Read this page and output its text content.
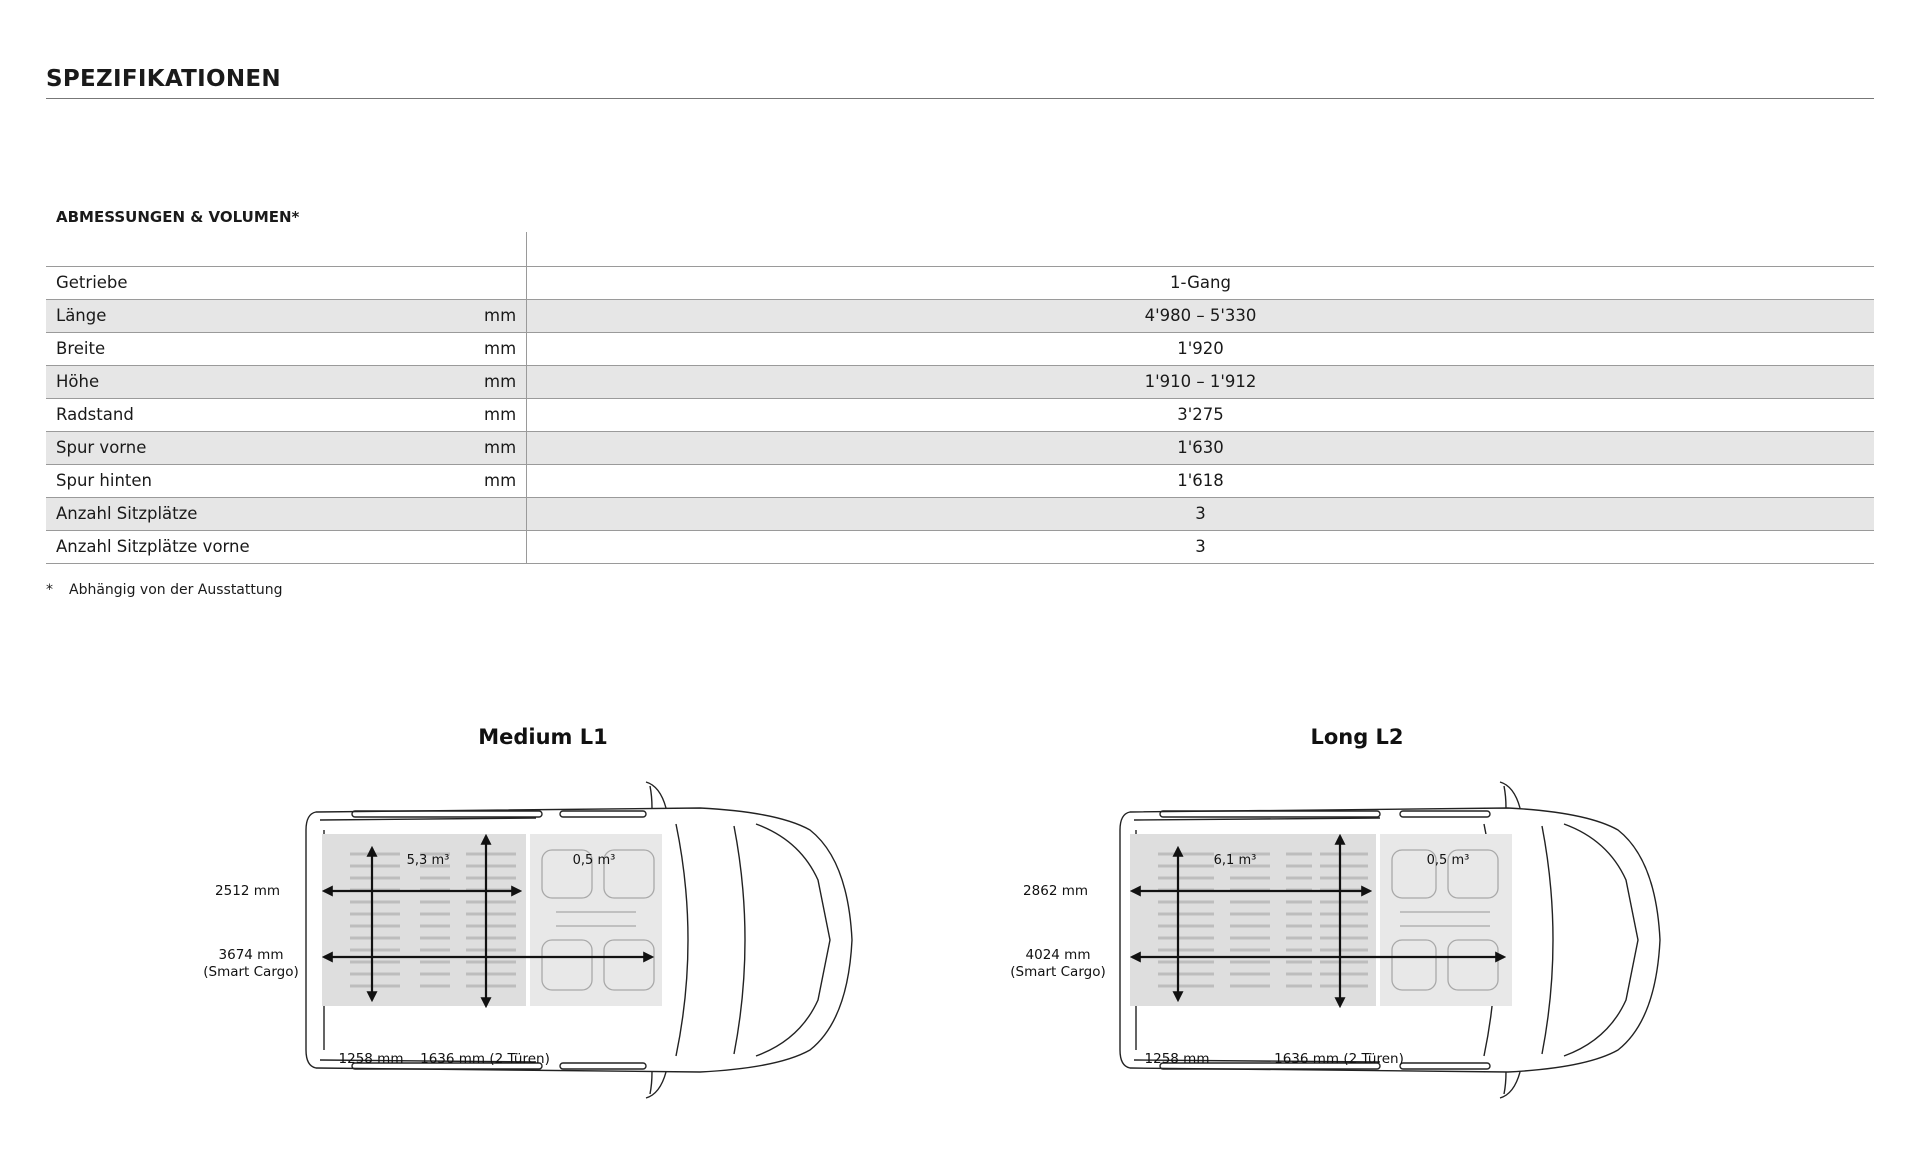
SPEZIFIKATIONEN
ABMESSUNGEN & VOLUMEN*
Getriebe	1-Gang
Länge	mm	4'980 – 5'330
Breite	mm	1'920
Höhe	mm	1'910 – 1'912
Radstand	mm	3'275
Spur vorne	mm	1'630
Spur hinten	mm	1'618
Anzahl Sitzplätze	3
Anzahl Sitzplätze vorne	3
* Abhängig von der Ausstattung
Medium L1
5,3 m³	0,5 m³
2512 mm
3674 mm
(Smart Cargo)
1258 mm 1636 mm (2 Türen)
Long L2
6,1 m³	0,5 m³
2862 mm
4024 mm
(Smart Cargo)
1258 mm	1636 mm (2 Türen)
